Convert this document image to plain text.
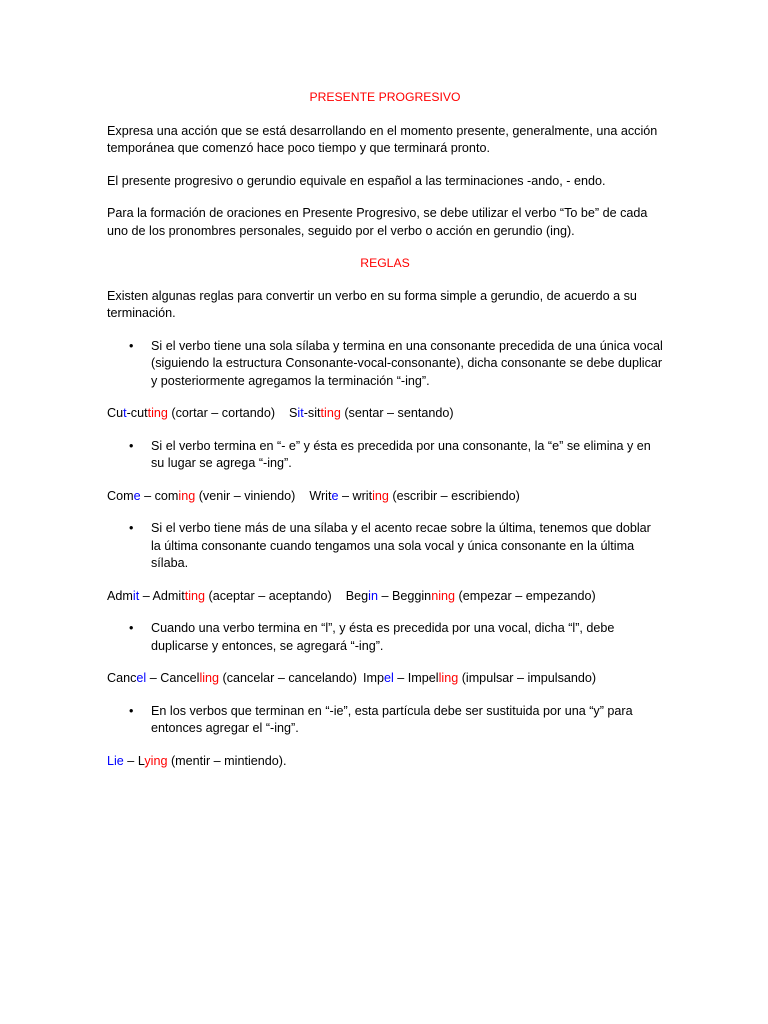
PRESENTE PROGRESIVO

Expresa una acción que se está desarrollando en el momento presente, generalmente, una acción temporánea que comenzó hace poco tiempo y que terminará pronto.

El presente progresivo o gerundio equivale en español a las terminaciones -ando, - endo.

Para la formación de oraciones en Presente Progresivo, se debe utilizar el verbo “To be” de cada uno de los pronombres personales, seguido por el verbo o acción en gerundio (ing).

REGLAS

Existen algunas reglas para convertir un verbo en su forma simple a gerundio, de acuerdo a su terminación.

• Si el verbo tiene una sola sílaba y termina en una consonante precedida de una única vocal (siguiendo la estructura Consonante-vocal-consonante), dicha consonante se debe duplicar y posteriormente agregamos la terminación “-ing”.
Cut-cutting (cortar – cortando) Sit-sitting (sentar – sentando)
• Si el verbo termina en “- e” y ésta es precedida por una consonante, la “e” se elimina y en su lugar se agrega “-ing”.
Come – coming (venir – viniendo) Write – writing (escribir – escribiendo)
• Si el verbo tiene más de una sílaba y el acento recae sobre la última, tenemos que doblar la última consonante cuando tengamos una sola vocal y única consonante en la última sílaba.
Admit – Admitting (aceptar – aceptando) Begin – Begginning (empezar – empezando)
• Cuando una verbo termina en “l”, y ésta es precedida por una vocal, dicha “l”, debe duplicarse y entonces, se agregará “-ing”.
Cancel – Cancelling (cancelar – cancelando) Impel – Impelling (impulsar – impulsando)
• En los verbos que terminan en “-ie”, esta partícula debe ser sustituida por una “y” para entonces agregar el “-ing”.
Lie – Lying (mentir – mintiendo).
